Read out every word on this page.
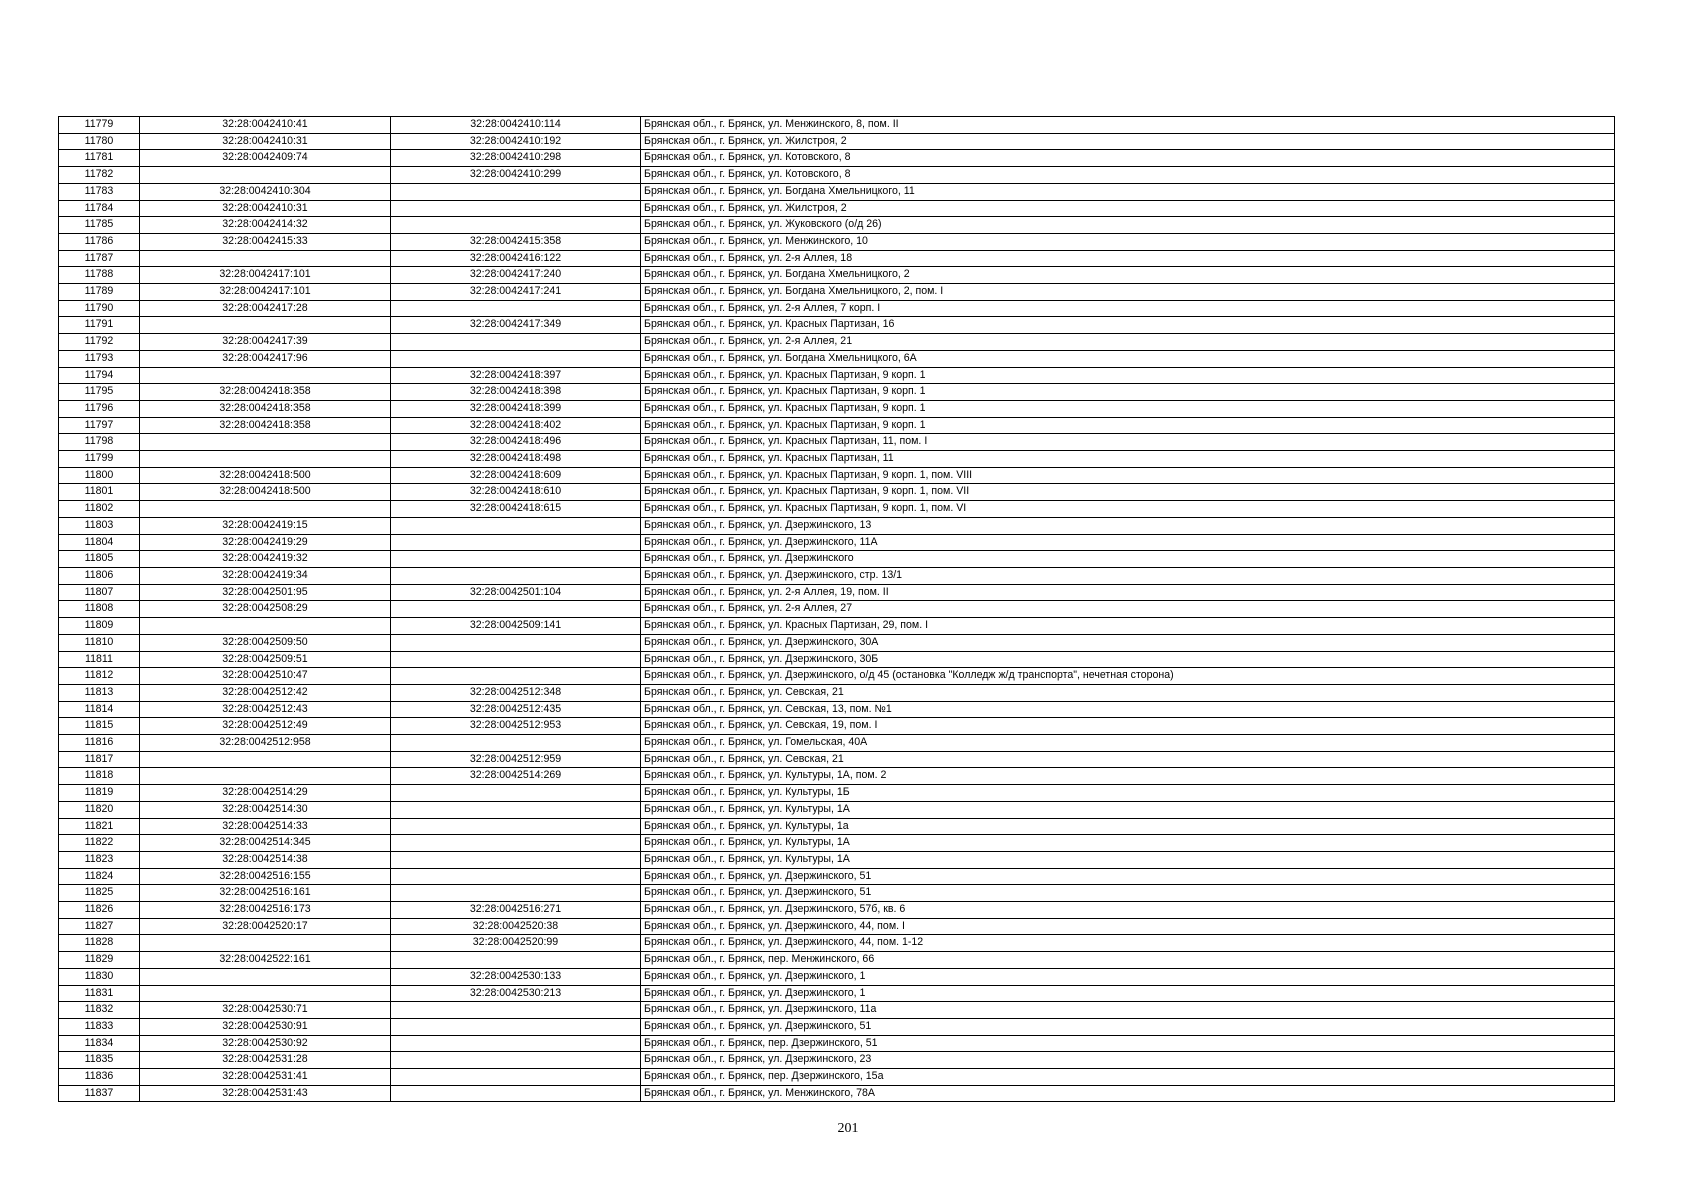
11779	32:28:0042410:41	32:28:0042410:114	Брянская обл., г. Брянск, ул. Менжинского, 8, пом. II
11780	32:28:0042410:31	32:28:0042410:192	Брянская обл., г. Брянск, ул. Жилстроя, 2
11781	32:28:0042409:74	32:28:0042410:298	Брянская обл., г. Брянск, ул. Котовского, 8
11782		32:28:0042410:299	Брянская обл., г. Брянск, ул. Котовского, 8
11783	32:28:0042410:304		Брянская обл., г. Брянск, ул. Богдана Хмельницкого, 11
11784	32:28:0042410:31		Брянская обл., г. Брянск, ул. Жилстроя, 2
11785	32:28:0042414:32		Брянская обл., г. Брянск, ул. Жуковского (о/д 26)
11786	32:28:0042415:33	32:28:0042415:358	Брянская обл., г. Брянск, ул. Менжинского, 10
11787		32:28:0042416:122	Брянская обл., г. Брянск, ул. 2-я Аллея, 18
11788	32:28:0042417:101	32:28:0042417:240	Брянская обл., г. Брянск, ул. Богдана Хмельницкого, 2
11789	32:28:0042417:101	32:28:0042417:241	Брянская обл., г. Брянск, ул. Богдана Хмельницкого, 2, пом. I
11790	32:28:0042417:28		Брянская обл., г. Брянск, ул. 2-я Аллея, 7 корп. I
11791		32:28:0042417:349	Брянская обл., г. Брянск, ул. Красных Партизан, 16
11792	32:28:0042417:39		Брянская обл., г. Брянск, ул. 2-я Аллея, 21
11793	32:28:0042417:96		Брянская обл., г. Брянск, ул. Богдана Хмельницкого, 6А
11794		32:28:0042418:397	Брянская обл., г. Брянск, ул. Красных Партизан, 9 корп. 1
11795	32:28:0042418:358	32:28:0042418:398	Брянская обл., г. Брянск, ул. Красных Партизан, 9 корп. 1
11796	32:28:0042418:358	32:28:0042418:399	Брянская обл., г. Брянск, ул. Красных Партизан, 9 корп. 1
11797	32:28:0042418:358	32:28:0042418:402	Брянская обл., г. Брянск, ул. Красных Партизан, 9 корп. 1
11798		32:28:0042418:496	Брянская обл., г. Брянск, ул. Красных Партизан, 11, пом. I
11799		32:28:0042418:498	Брянская обл., г. Брянск, ул. Красных Партизан, 11
11800	32:28:0042418:500	32:28:0042418:609	Брянская обл., г. Брянск, ул. Красных Партизан, 9 корп. 1, пом. VIII
11801	32:28:0042418:500	32:28:0042418:610	Брянская обл., г. Брянск, ул. Красных Партизан, 9 корп. 1, пом. VII
11802		32:28:0042418:615	Брянская обл., г. Брянск, ул. Красных Партизан, 9 корп. 1, пом. VI
11803	32:28:0042419:15		Брянская обл., г. Брянск, ул. Дзержинского, 13
11804	32:28:0042419:29		Брянская обл., г. Брянск, ул. Дзержинского, 11А
11805	32:28:0042419:32		Брянская обл., г. Брянск, ул. Дзержинского
11806	32:28:0042419:34		Брянская обл., г. Брянск, ул. Дзержинского, стр. 13/1
11807	32:28:0042501:95	32:28:0042501:104	Брянская обл., г. Брянск, ул. 2-я Аллея, 19, пом. II
11808	32:28:0042508:29		Брянская обл., г. Брянск, ул. 2-я Аллея, 27
11809		32:28:0042509:141	Брянская обл., г. Брянск, ул. Красных Партизан, 29, пом. I
11810	32:28:0042509:50		Брянская обл., г. Брянск, ул. Дзержинского, 30А
11811	32:28:0042509:51		Брянская обл., г. Брянск, ул. Дзержинского, 30Б
11812	32:28:0042510:47		Брянская обл., г. Брянск, ул. Дзержинского, о/д 45 (остановка "Колледж ж/д транспорта", нечетная сторона)
11813	32:28:0042512:42	32:28:0042512:348	Брянская обл., г. Брянск, ул. Севская, 21
11814	32:28:0042512:43	32:28:0042512:435	Брянская обл., г. Брянск, ул. Севская, 13, пом. №1
11815	32:28:0042512:49	32:28:0042512:953	Брянская обл., г. Брянск, ул. Севская, 19, пом. I
11816	32:28:0042512:958		Брянская обл., г. Брянск, ул. Гомельская, 40А
11817		32:28:0042512:959	Брянская обл., г. Брянск, ул. Севская, 21
11818		32:28:0042514:269	Брянская обл., г. Брянск, ул. Культуры, 1А, пом. 2
11819	32:28:0042514:29		Брянская обл., г. Брянск, ул. Культуры, 1Б
11820	32:28:0042514:30		Брянская обл., г. Брянск, ул. Культуры, 1А
11821	32:28:0042514:33		Брянская обл., г. Брянск, ул. Культуры, 1а
11822	32:28:0042514:345		Брянская обл., г. Брянск, ул. Культуры, 1А
11823	32:28:0042514:38		Брянская обл., г. Брянск, ул. Культуры, 1А
11824	32:28:0042516:155		Брянская обл., г. Брянск, ул. Дзержинского, 51
11825	32:28:0042516:161		Брянская обл., г. Брянск, ул. Дзержинского, 51
11826	32:28:0042516:173	32:28:0042516:271	Брянская обл., г. Брянск, ул. Дзержинского, 57б, кв. 6
11827	32:28:0042520:17	32:28:0042520:38	Брянская обл., г. Брянск, ул. Дзержинского, 44, пом. I
11828		32:28:0042520:99	Брянская обл., г. Брянск, ул. Дзержинского, 44, пом. 1-12
11829	32:28:0042522:161		Брянская обл., г. Брянск, пер. Менжинского, 66
11830		32:28:0042530:133	Брянская обл., г. Брянск, ул. Дзержинского, 1
11831		32:28:0042530:213	Брянская обл., г. Брянск, ул. Дзержинского, 1
11832	32:28:0042530:71		Брянская обл., г. Брянск, ул. Дзержинского, 11а
11833	32:28:0042530:91		Брянская обл., г. Брянск, ул. Дзержинского, 51
11834	32:28:0042530:92		Брянская обл., г. Брянск, пер. Дзержинского, 51
11835	32:28:0042531:28		Брянская обл., г. Брянск, ул. Дзержинского, 23
11836	32:28:0042531:41		Брянская обл., г. Брянск, пер. Дзержинского, 15а
11837	32:28:0042531:43		Брянская обл., г. Брянск, ул. Менжинского, 78А
201
